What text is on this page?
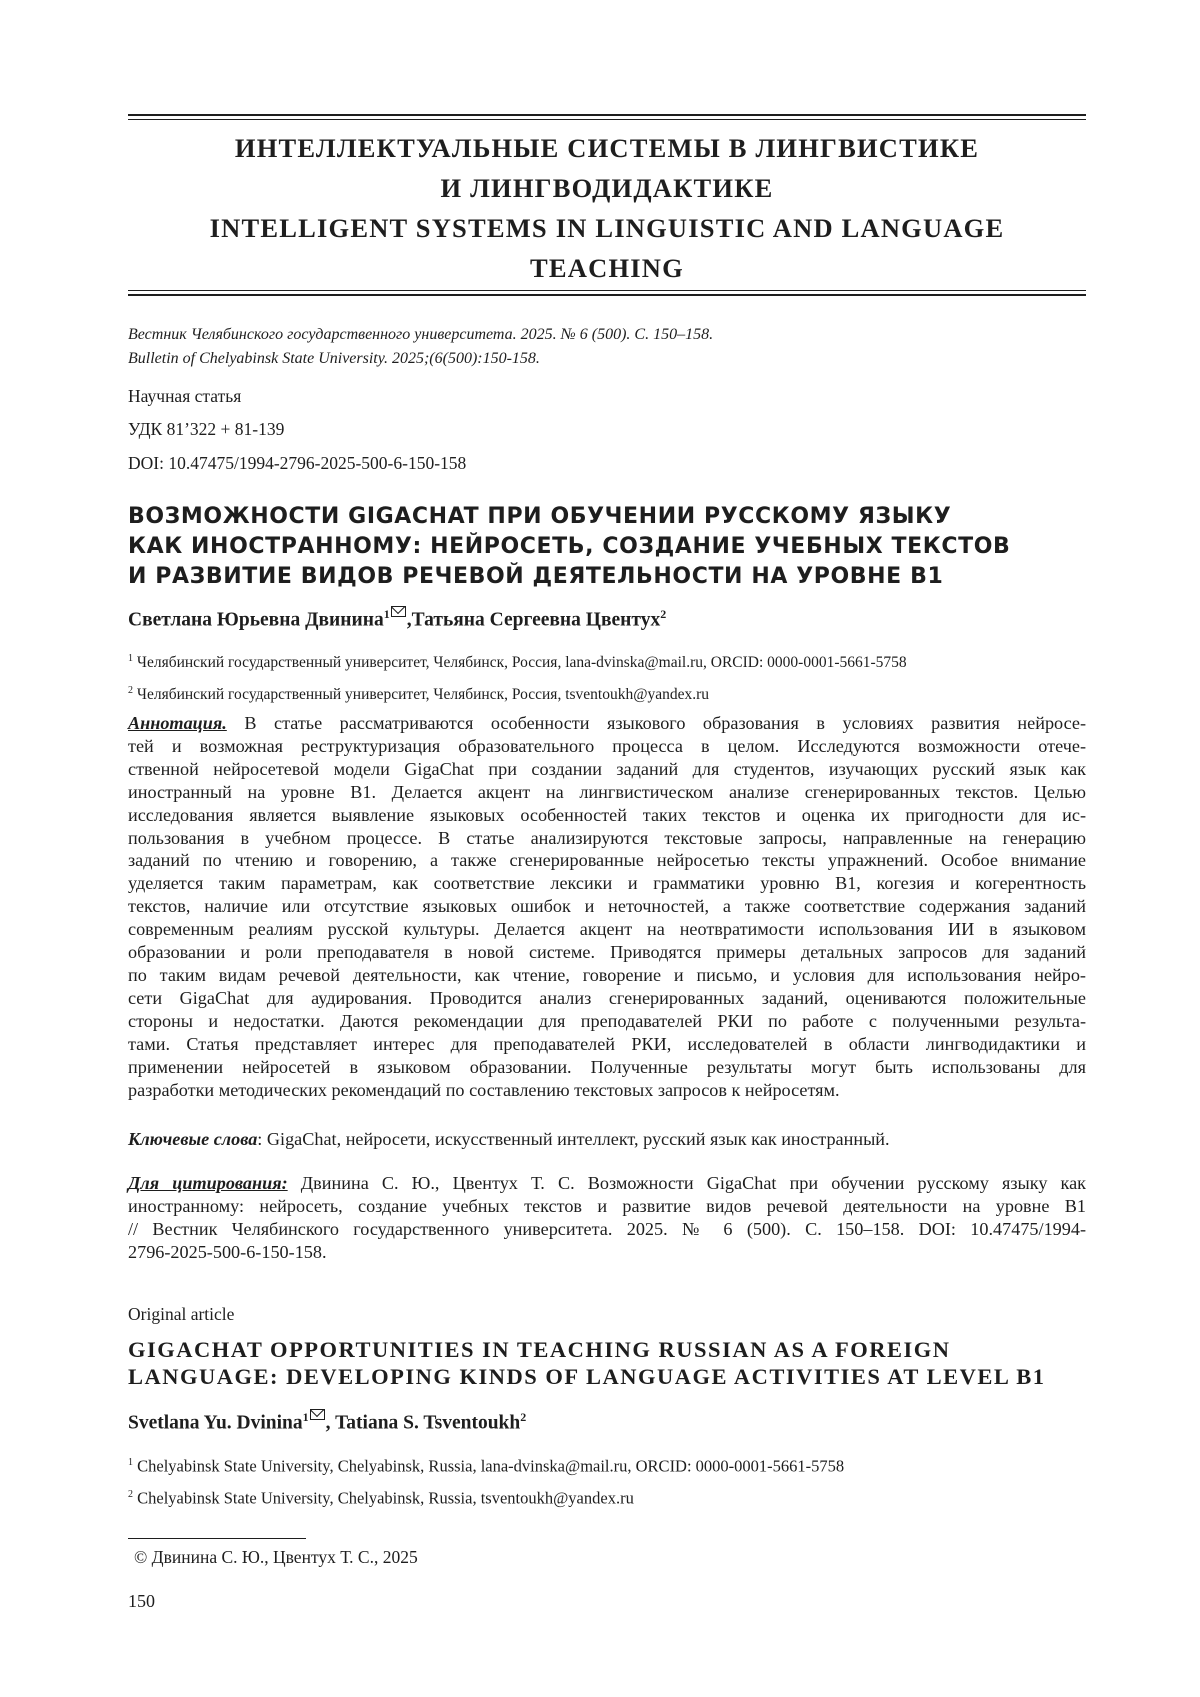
ИНТЕЛЛЕКТУАЛЬНЫЕ СИСТЕМЫ В ЛИНГВИСТИКЕ
И ЛИНГВОДИДАКТИКЕ
INTELLIGENT SYSTEMS IN LINGUISTIC AND LANGUAGE
TEACHING
Вестник Челябинского государственного университета. 2025. № 6 (500). С. 150–158.
Bulletin of Chelyabinsk State University. 2025;(6(500):150-158.
Научная статья
УДК 81’322 + 81-139
DOI: 10.47475/1994-2796-2025-500-6-150-158
ВОЗМОЖНОСТИ GIGACHAT ПРИ ОБУЧЕНИИ РУССКОМУ ЯЗЫКУ
КАК ИНОСТРАННОМУ: НЕЙРОСЕТЬ, СОЗДАНИЕ УЧЕБНЫХ ТЕКСТОВ
И РАЗВИТИЕ ВИДОВ РЕЧЕВОЙ ДЕЯТЕЛЬНОСТИ НА УРОВНЕ B1
Светлана Юрьевна Двинина$^1$ ,Татьяна Сергеевна Цвентух$^2$
$^1$ Челябинский государственный университет, Челябинск, Россия, lana-dvinska@mail.ru, ORCID: 0000-0001-5661-5758
$^2$ Челябинский государственный университет, Челябинск, Россия, tsventoukh@yandex.ru
Аннотация. В статье рассматриваются особенности языкового образования в условиях развития нейросе-
тей и возможная реструктуризация образовательного процесса в целом. Исследуются возможности отече-
ственной нейросетевой модели GigaChat при создании заданий для студентов, изучающих русский язык как
иностранный на уровне B1. Делается акцент на лингвистическом анализе сгенерированных текстов. Целью
исследования является выявление языковых особенностей таких текстов и оценка их пригодности для ис-
пользования в учебном процессе. В статье анализируются текстовые запросы, направленные на генерацию
заданий по чтению и говорению, а также сгенерированные нейросетью тексты упражнений. Особое внимание
уделяется таким параметрам, как соответствие лексики и грамматики уровню B1, когезия и когерентность
текстов, наличие или отсутствие языковых ошибок и неточностей, а также соответствие содержания заданий
современным реалиям русской культуры. Делается акцент на неотвратимости использования ИИ в языковом
образовании и роли преподавателя в новой системе. Приводятся примеры детальных запросов для заданий
по таким видам речевой деятельности, как чтение, говорение и письмо, и условия для использования нейро-
сети GigaChat для аудирования. Проводится анализ сгенерированных заданий, оцениваются положительные
стороны и недостатки. Даются рекомендации для преподавателей РКИ по работе с полученными результа-
тами. Статья представляет интерес для преподавателей РКИ, исследователей в области лингводидактики и
применении нейросетей в языковом образовании. Полученные результаты могут быть использованы для
разработки методических рекомендаций по составлению текстовых запросов к нейросетям.
Ключевые слова: GigaChat, нейросети, искусственный интеллект, русский язык как иностранный.
Для цитирования: Двинина С. Ю., Цвентух Т. С. Возможности GigaChat при обучении русскому языку как
иностранному: нейросеть, создание учебных текстов и развитие видов речевой деятельности на уровне B1
// Вестник Челябинского государственного университета. 2025. № 6 (500). С. 150–158. DOI: 10.47475/1994-
2796-2025-500-6-150-158.
Original article
GIGACHAT OPPORTUNITIES IN TEACHING RUSSIAN AS A FOREIGN
LANGUAGE: DEVELOPING KINDS OF LANGUAGE ACTIVITIES AT LEVEL B1
Svetlana Yu. Dvinina$^1$ , Tatiana S. Tsventoukh$^2$
$^1$ Chelyabinsk State University, Chelyabinsk, Russia, lana-dvinska@mail.ru, ORCID: 0000-0001-5661-5758
$^2$ Chelyabinsk State University, Chelyabinsk, Russia, tsventoukh@yandex.ru
© Двинина С. Ю., Цвентух Т. С., 2025
150
